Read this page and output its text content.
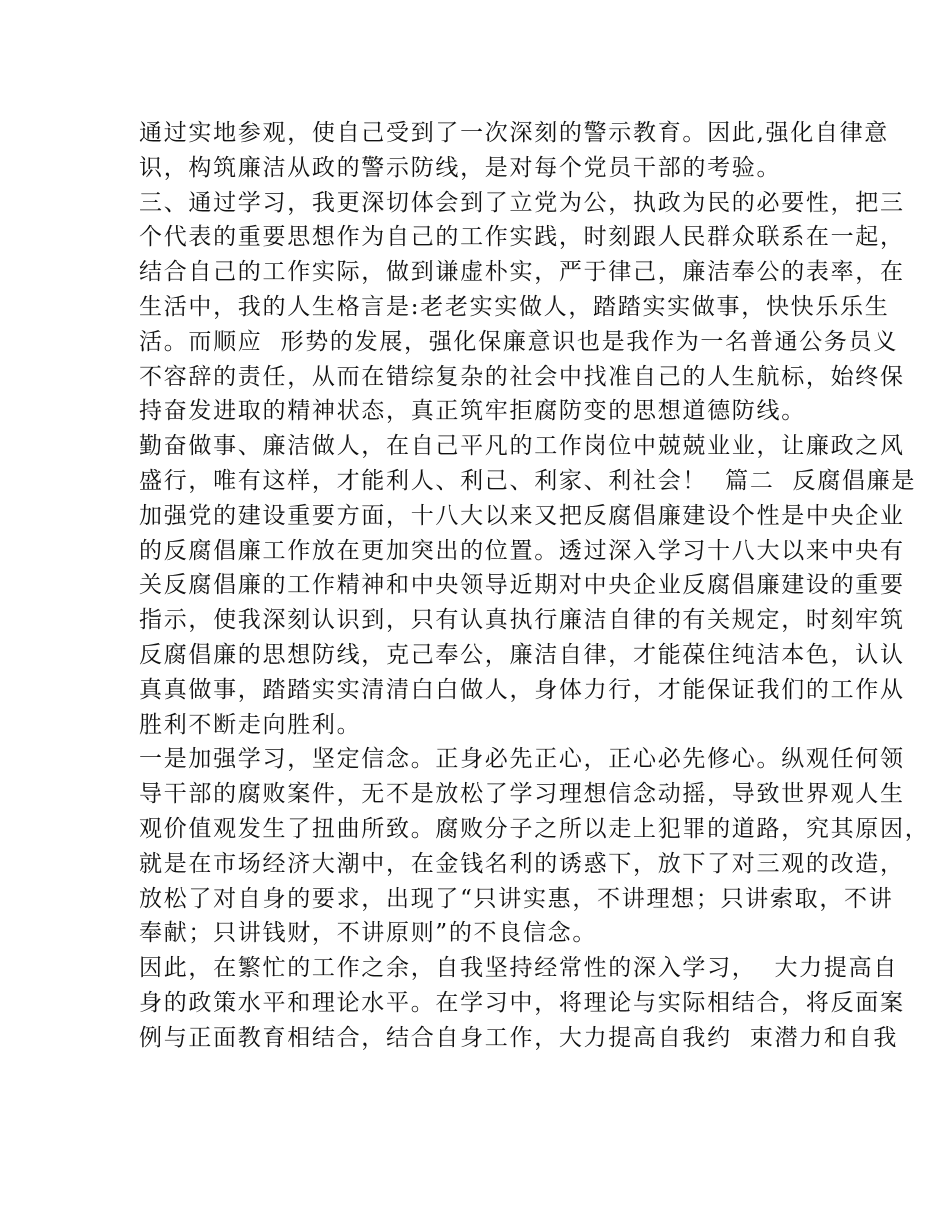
通过实地参观，使自己受到了一次深刻的警示教育。因此,强化自律意
识，构筑廉洁从政的警示防线，是对每个党员干部的考验。
三、通过学习，我更深切体会到了立党为公，执政为民的必要性，把三
个代表的重要思想作为自己的工作实践，时刻跟人民群众联系在一起，
结合自己的工作实际，做到谦虚朴实，严于律己，廉洁奉公的表率，在
生活中，我的人生格言是:老老实实做人，踏踏实实做事，快快乐乐生
活。而顺应  形势的发展，强化保廉意识也是我作为一名普通公务员义
不容辞的责任，从而在错综复杂的社会中找准自己的人生航标，始终保
持奋发进取的精神状态，真正筑牢拒腐防变的思想道德防线。
勤奋做事、廉洁做人，在自己平凡的工作岗位中兢兢业业，让廉政之风
盛行，唯有这样，才能利人、利己、利家、利社会！  篇二  反腐倡廉是
加强党的建设重要方面，十八大以来又把反腐倡廉建设个性是中央企业
的反腐倡廉工作放在更加突出的位置。透过深入学习十八大以来中央有
关反腐倡廉的工作精神和中央领导近期对中央企业反腐倡廉建设的重要
指示，使我深刻认识到，只有认真执行廉洁自律的有关规定，时刻牢筑
反腐倡廉的思想防线，克己奉公，廉洁自律，才能葆住纯洁本色，认认
真真做事，踏踏实实清清白白做人，身体力行，才能保证我们的工作从
胜利不断走向胜利。
一是加强学习，坚定信念。正身必先正心，正心必先修心。纵观任何领
导干部的腐败案件，无不是放松了学习理想信念动摇，导致世界观人生
观价值观发生了扭曲所致。腐败分子之所以走上犯罪的道路，究其原因，
就是在市场经济大潮中，在金钱名利的诱惑下，放下了对三观的改造，
放松了对自身的要求，出现了“只讲实惠，不讲理想；只讲索取，不讲
奉献；只讲钱财，不讲原则”的不良信念。
因此，在繁忙的工作之余，自我坚持经常性的深入学习，  大力提高自
身的政策水平和理论水平。在学习中，将理论与实际相结合，将反面案
例与正面教育相结合，结合自身工作，大力提高自我约  束潜力和自我
